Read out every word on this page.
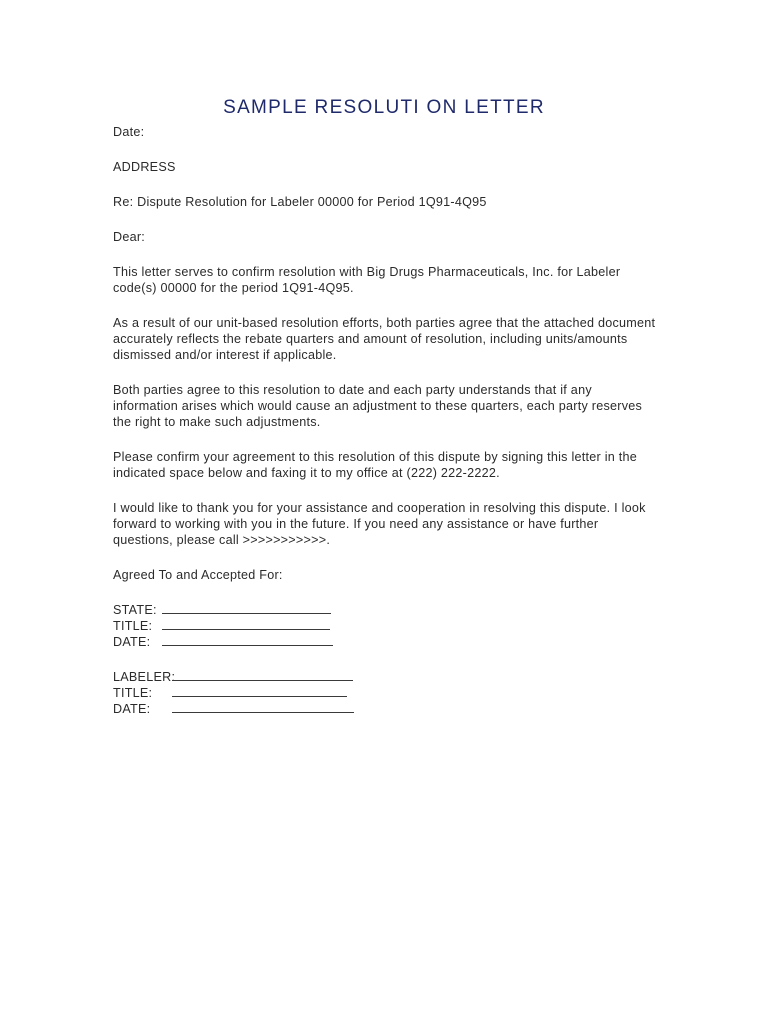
SAMPLE RESOLUTI ON LETTER

Date:

ADDRESS

Re: Dispute Resolution for Labeler 00000 for Period 1Q91-4Q95

Dear:

This letter serves to confirm resolution with Big Drugs Pharmaceuticals, Inc. for Labeler code(s) 00000 for the period 1Q91-4Q95.

As a result of our unit-based resolution efforts, both parties agree that the attached document accurately reflects the rebate quarters and amount of resolution, including units/amounts dismissed and/or interest if applicable.

Both parties agree to this resolution to date and each party understands that if any information arises which would cause an adjustment to these quarters, each party reserves the right to make such adjustments.

Please confirm your agreement to this resolution of this dispute by signing this letter in the indicated space below and faxing it to my office at (222) 222-2222.

I would like to thank you for your assistance and cooperation in resolving this dispute. I look forward to working with you in the future. If you need any assistance or have further questions, please call >>>>>>>>>>>.

Agreed To and Accepted For:

STATE:
TITLE:
DATE:
LABELER:
TITLE:
DATE:
